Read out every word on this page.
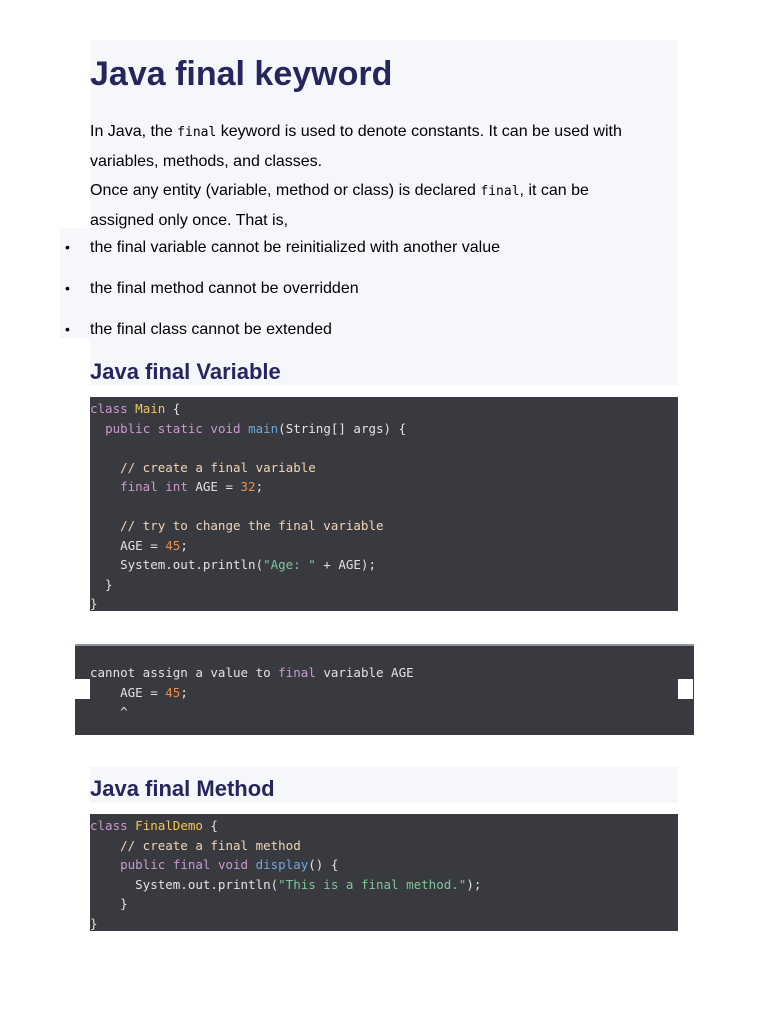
Java final keyword

In Java, the final keyword is used to denote constants. It can be used with
variables, methods, and classes.
Once any entity (variable, method or class) is declared final, it can be
assigned only once. That is,

• the final variable cannot be reinitialized with another value
• the final method cannot be overridden
• the final class cannot be extended
Java final Variable
class Main {
public static void main(String[] args) {

// create a final variable
final int AGE = 32;

// try to change the final variable
AGE = 45;
System.out.println("Age: " + AGE);
}
}
cannot assign a value to final variable AGE
AGE = 45;
^
Java final Method
class FinalDemo {
// create a final method
public final void display() {
System.out.println("This is a final method.");
}
}
